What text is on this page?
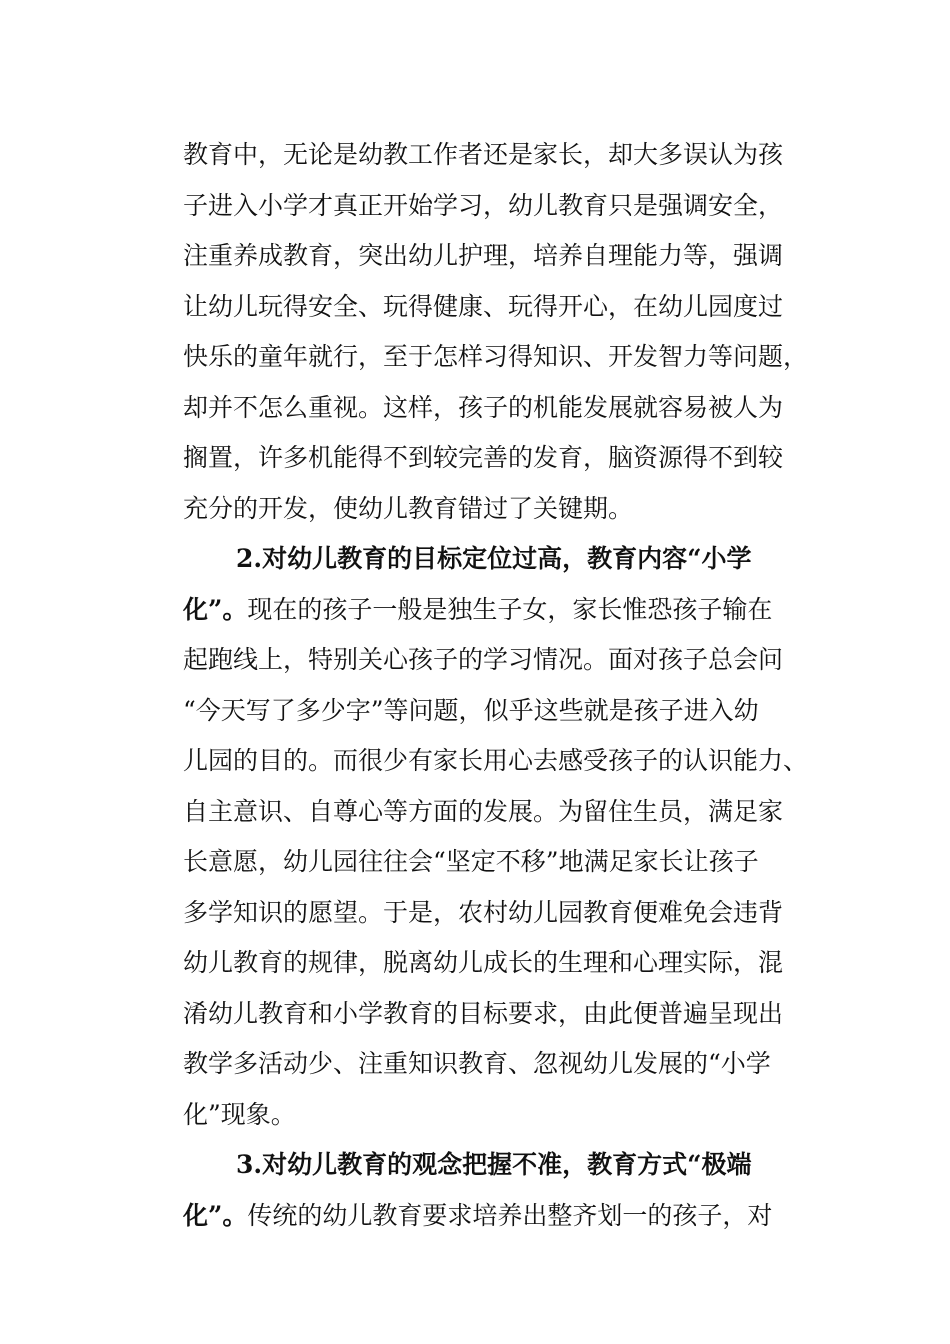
教育中，无论是幼教工作者还是家长，却大多误认为孩
子进入小学才真正开始学习，幼儿教育只是强调安全，
注重养成教育，突出幼儿护理，培养自理能力等，强调
让幼儿玩得安全、玩得健康、玩得开心，在幼儿园度过
快乐的童年就行，至于怎样习得知识、开发智力等问题，
却并不怎么重视。这样，孩子的机能发展就容易被人为
搁置，许多机能得不到较完善的发育，脑资源得不到较
充分的开发，使幼儿教育错过了关键期。
2.对幼儿教育的目标定位过高，教育内容“小学
化”。现在的孩子一般是独生子女，家长惟恐孩子输在
起跑线上，特别关心孩子的学习情况。面对孩子总会问
“今天写了多少字”等问题，似乎这些就是孩子进入幼
儿园的目的。而很少有家长用心去感受孩子的认识能力、
自主意识、自尊心等方面的发展。为留住生员，满足家
长意愿，幼儿园往往会“坚定不移”地满足家长让孩子
多学知识的愿望。于是，农村幼儿园教育便难免会违背
幼儿教育的规律，脱离幼儿成长的生理和心理实际，混
淆幼儿教育和小学教育的目标要求，由此便普遍呈现出
教学多活动少、注重知识教育、忽视幼儿发展的“小学
化”现象。
3.对幼儿教育的观念把握不准，教育方式“极端
化”。传统的幼儿教育要求培养出整齐划一的孩子，对
